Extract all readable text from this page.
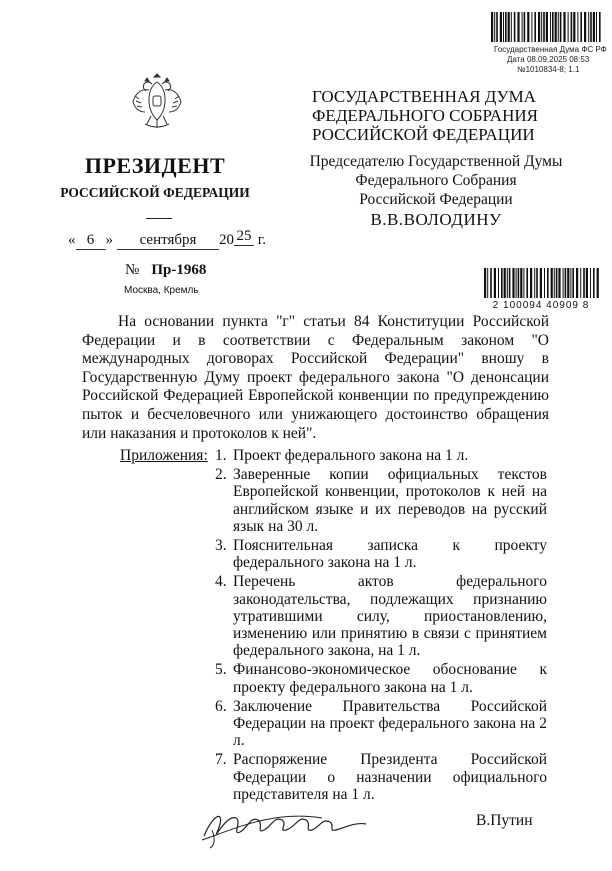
Государственная Дума ФС РФ
Дата 08.09.2025 08:53
№1010834-8; 1.1
ПРЕЗИДЕНТ
РОССИЙСКОЙ ФЕДЕРАЦИИ
« 6 » сентября 20 25 г.
№ Пр-1968
Москва, Кремль
ГОСУДАРСТВЕННАЯ ДУМА
ФЕДЕРАЛЬНОГО СОБРАНИЯ
РОССИЙСКОЙ ФЕДЕРАЦИИ
Председателю Государственной Думы
Федерального Собрания
Российской Федерации
В.В.ВОЛОДИНУ
2 100094 40909 8
На основании пункта "г" статьи 84 Конституции Российской Федерации и в соответствии с Федеральным законом "О международных договорах Российской Федерации" вношу в Государственную Думу проект федерального закона "О денонсации Российской Федерацией Европейской конвенции по предупреждению пыток и бесчеловечного или унижающего достоинство обращения или наказания и протоколов к ней".
Приложения: 1. Проект федерального закона на 1 л.
2. Заверенные копии официальных текстов Европейской конвенции, протоколов к ней на английском языке и их переводов на русский язык на 30 л.
3. Пояснительная записка к проекту федерального закона на 1 л.
4. Перечень актов федерального законодательства, подлежащих признанию утратившими силу, приостановлению, изменению или принятию в связи с принятием федерального закона, на 1 л.
5. Финансово-экономическое обоснование к проекту федерального закона на 1 л.
6. Заключение Правительства Российской Федерации на проект федерального закона на 2 л.
7. Распоряжение Президента Российской Федерации о назначении официального представителя на 1 л.
В.Путин
